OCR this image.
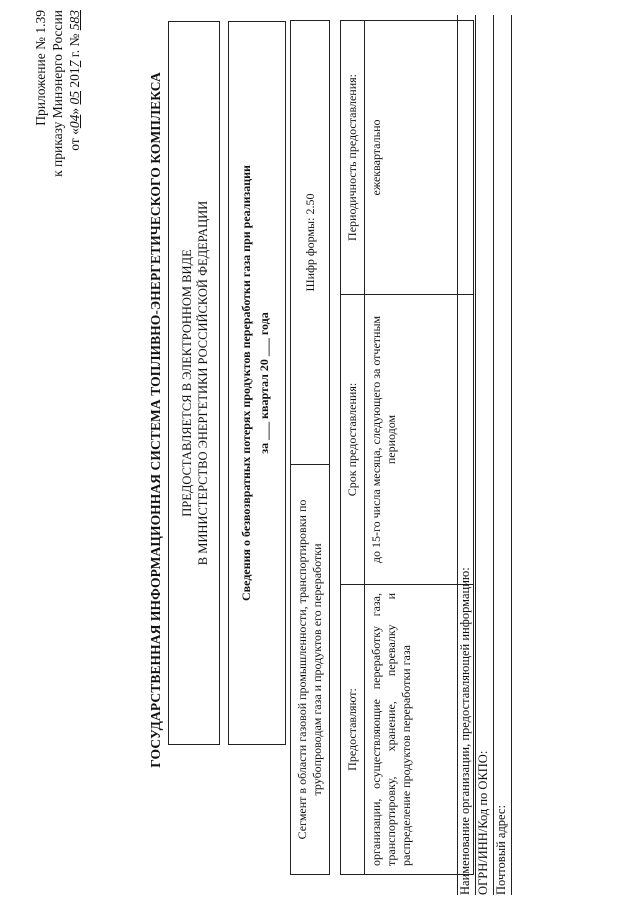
Приложение № 1.39 к приказу Минэнерго России от «04» 05 2017 г. № 583
ГОСУДАРСТВЕННАЯ ИНФОРМАЦИОННАЯ СИСТЕМА ТОПЛИВНО-ЭНЕРГЕТИЧЕСКОГО КОМПЛЕКСА ПРЕДОСТАВЛЯЕТСЯ В ЭЛЕКТРОННОМ ВИДЕ В МИНИСТЕРСТВО ЭНЕРГЕТИКИ РОССИЙСКОЙ ФЕДЕРАЦИИ Сведения о безвозвратных потерях продуктов переработки газа при реализации за ___ квартал 20 ___ года
Сегмент в области газовой промышленности, транспортировки по трубопроводам газа и продуктов его переработки		Шифр формы: 2.50	

Предоставляют:	Срок предоставления:		Периодичность предоставления:
организации, осуществляющие переработку газа, транспортировку, хранение, перевалку и распределение продуктов переработки газа	до 15-го числа месяца, следующего за отчетным периодом		ежеквартально
Наименование организации, предоставляющей информацию: ОГРН/ИНН/Код по ОКПО: Почтовый адрес:
